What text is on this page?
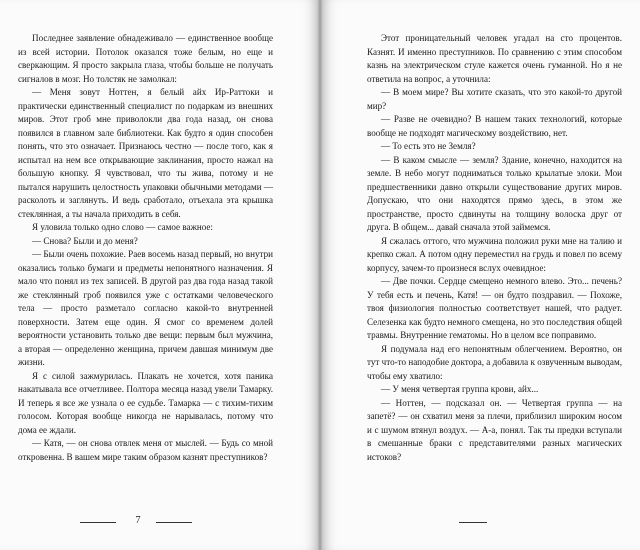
Последнее заявление обнадеживало — единственное вообще из всей истории. Потолок оказался тоже белым, но еще и сверкающим. Я просто закрыла глаза, чтобы больше не получать сигналов в мозг. Но толстяк не замолкал:

— Меня зовут Ноттен, я белый айх Ир-Раттоки и практически единственный специалист по подаркам из внешних миров. Этот гроб мне приволокли два года назад, он снова появился в главном зале библиотеки. Как будто я один способен понять, что это означает. Признаюсь честно — после того, как я испытал на нем все открывающие заклинания, просто нажал на большую кнопку. Я чувствовал, что ты жива, потому и не пытался нарушить целостность упаковки обычными методами — расколоть и заглянуть. И ведь сработало, отъехала эта крышка стеклянная, а ты начала приходить в себя.

Я уловила только одно слово — самое важное:

— Снова? Были и до меня?

— Были очень похожие. Раев восемь назад первый, но внутри оказались только бумаги и предметы непонятного назначения. Я мало что понял из тех записей. В другой раз два года назад такой же стеклянный гроб появился уже с остатками человеческого тела — просто разметало согласно какой-то внутренней поверхности. Затем еще один. Я смог со временем долей вероятности установить только две вещи: первым был мужчина, а вторая — определенно женщина, причем давшая минимум две жизни.

Я с силой зажмурилась. Плакать не хочется, хотя паника накатывала все отчетливее. Полтора месяца назад увели Тамарку. И теперь я все же узнала о ее судьбе. Тамарка — с тихим-тихим голосом. Которая вообще никогда не нарывалась, потому что дома ее ждали.

— Катя, — он снова отвлек меня от мыслей. — Будь со мной откровенна. В вашем мире таким образом казнят преступников?

7

Этот проницательный человек угадал на сто процентов. Казнят. И именно преступников. По сравнению с этим способом казнь на электрическом стуле кажется очень гуманной. Но я не ответила на вопрос, а уточнила:

— В моем мире? Вы хотите сказать, что это какой-то другой мир?

— Разве не очевидно? В нашем таких технологий, которые вообще не подходят магическому воздействию, нет.

— То есть это не Земля?

— В каком смысле — земля? Здание, конечно, находится на земле. В небо могут подниматься только крылатые элоки. Мои предшественники давно открыли существование других миров. Допускаю, что они находятся прямо здесь, в этом же пространстве, просто сдвинуты на толщину волоска друг от друга. В общем... давай сначала этой займемся.

Я сжалась оттого, что мужчина положил руки мне на талию и крепко сжал. А потом одну переместил на грудь и повел по всему корпусу, зачем-то произнеся вслух очевидное:

— Две почки. Сердце смещено немного влево. Это... печень? У тебя есть и печень, Катя! — он будто поздравил. — Похоже, твоя физиология полностью соответствует нашей, что радует. Селезенка как будто немного смещена, но это последствия общей травмы. Внутренние гематомы. Но в целом все поправимо.

Я подумала над его непонятным облегчением. Вероятно, он тут что-то наподобие доктора, а добавила к озвученным выводам, чтобы ему хватило:

— У меня четвертая группа крови, айх...

— Ноттен, — подсказал он. — Четвертая группа — на запетё? — он схватил меня за плечи, приблизил широким носом и с шумом втянул воздух. — А-а, понял. Так ты предки вступали в смешанные браки с представителями разных магических истоков?
